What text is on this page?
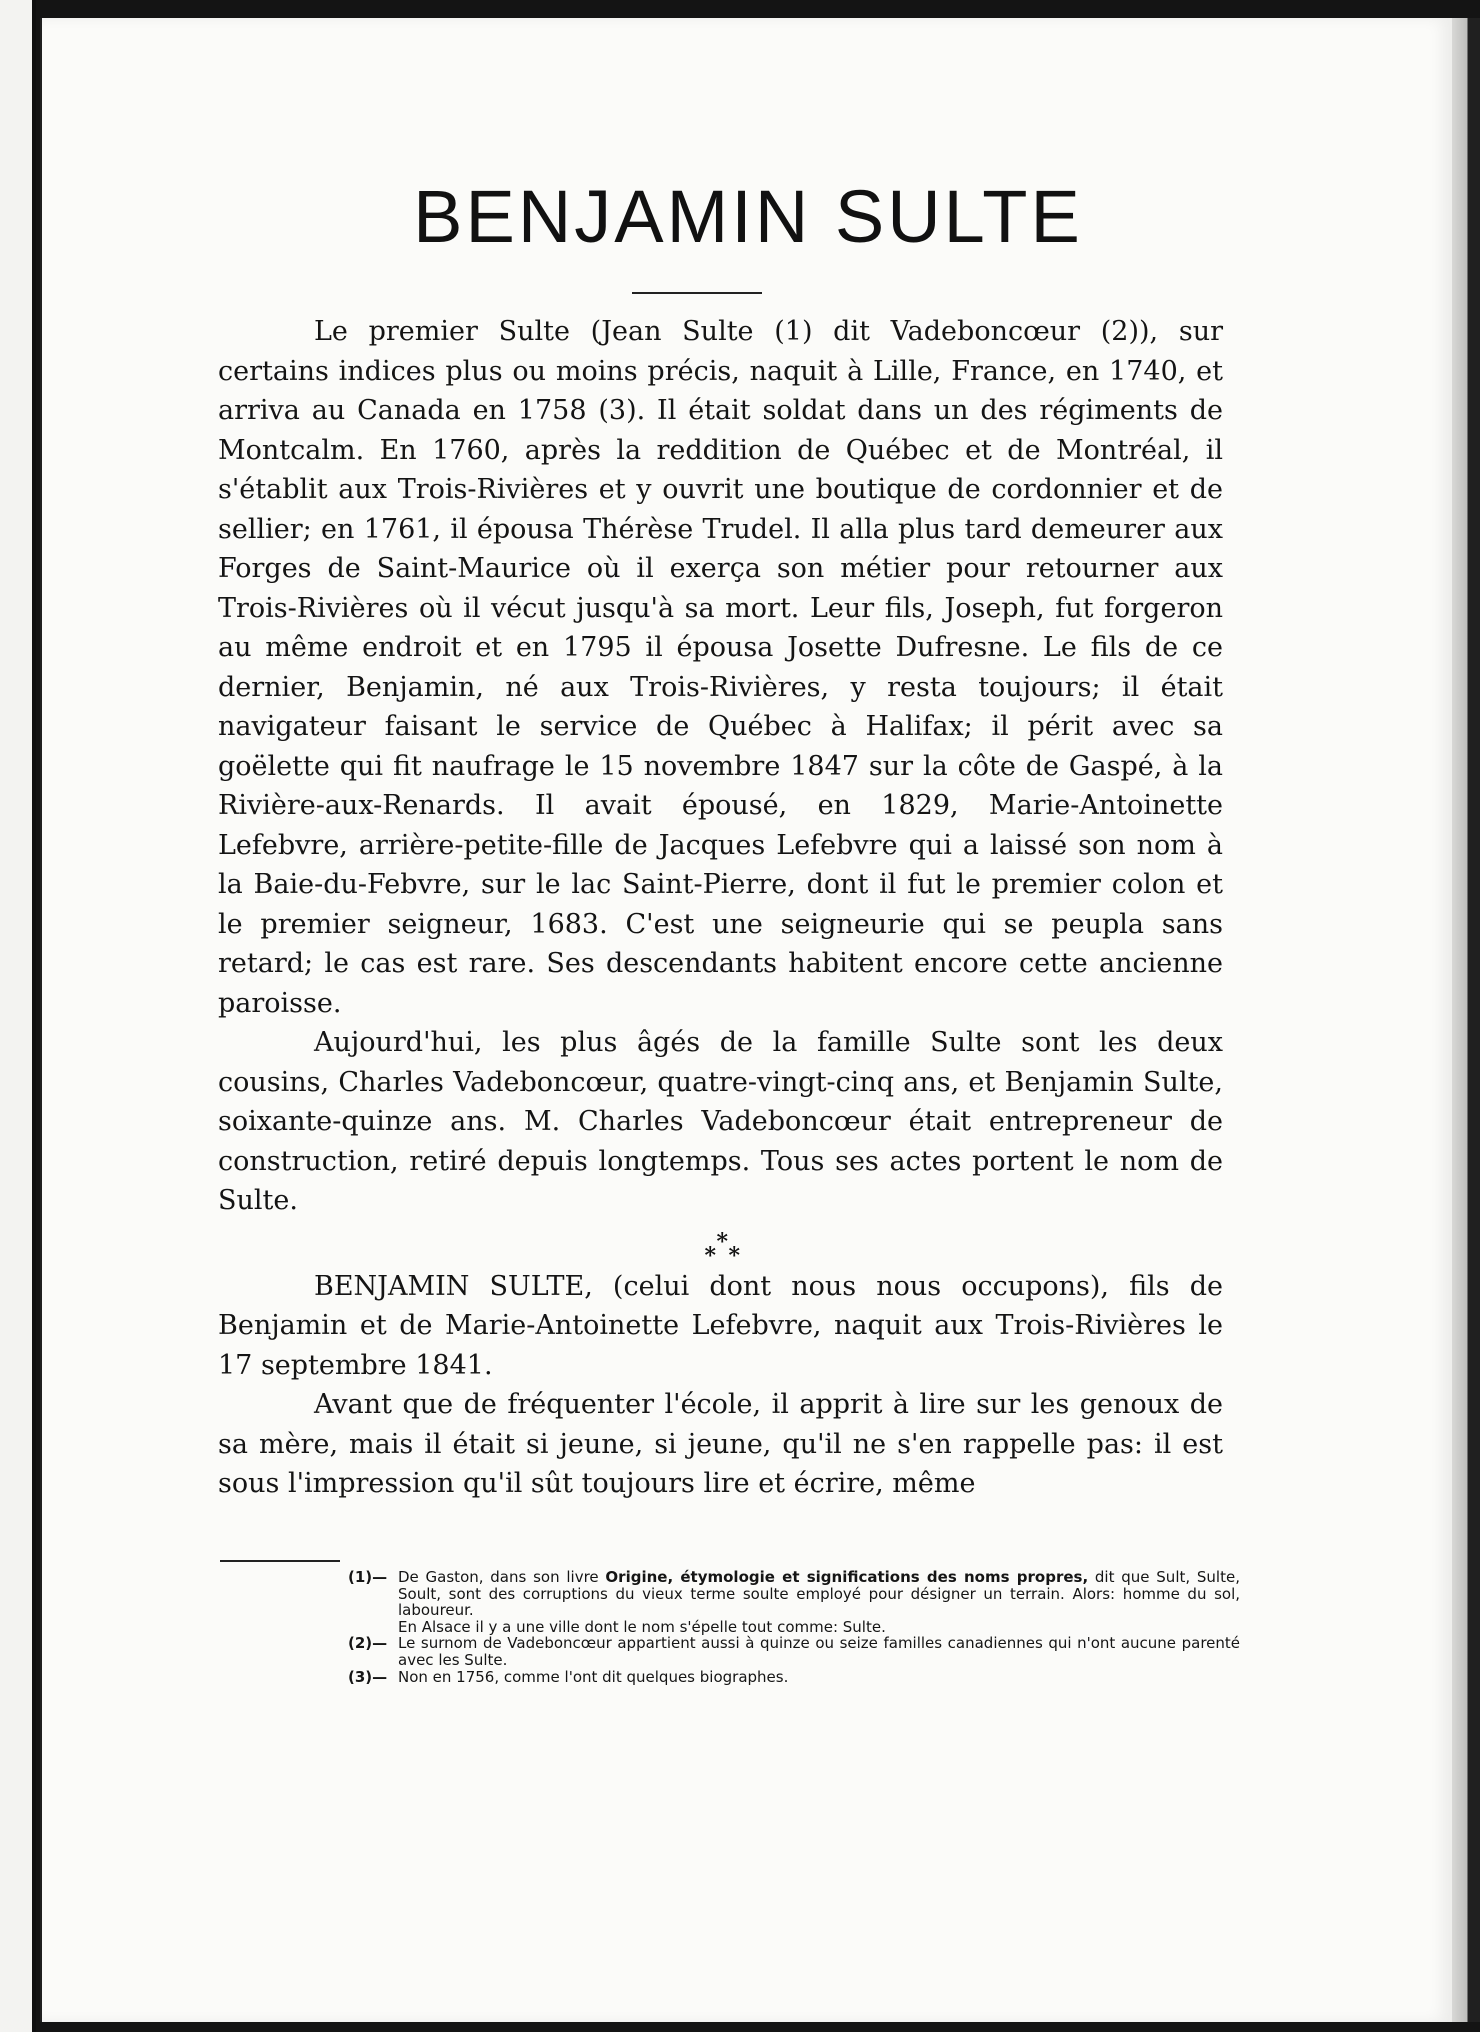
BENJAMIN SULTE

Le premier Sulte (Jean Sulte (1) dit Vadeboncœur (2)), sur certains indices plus ou moins précis, naquit à Lille, France, en 1740, et arriva au Canada en 1758 (3). Il était soldat dans un des régiments de Montcalm. En 1760, après la reddition de Québec et de Montréal, il s'établit aux Trois-Rivières et y ouvrit une boutique de cordonnier et de sellier; en 1761, il épousa Thérèse Trudel. Il alla plus tard demeurer aux Forges de Saint-Maurice où il exerça son métier pour retourner aux Trois-Rivières où il vécut jusqu'à sa mort. Leur fils, Joseph, fut forgeron au même endroit et en 1795 il épousa Josette Dufresne. Le fils de ce dernier, Benjamin, né aux Trois-Rivières, y resta toujours; il était navigateur faisant le service de Québec à Halifax; il périt avec sa goëlette qui fit naufrage le 15 novembre 1847 sur la côte de Gaspé, à la Rivière-aux-Renards. Il avait épousé, en 1829, Marie-Antoinette Lefebvre, arrière-petite-fille de Jacques Lefebvre qui a laissé son nom à la Baie-du-Febvre, sur le lac Saint-Pierre, dont il fut le premier colon et le premier seigneur, 1683. C'est une seigneurie qui se peupla sans retard; le cas est rare. Ses descendants habitent encore cette ancienne paroisse.

Aujourd'hui, les plus âgés de la famille Sulte sont les deux cousins, Charles Vadeboncœur, quatre-vingt-cinq ans, et Benjamin Sulte, soixante-quinze ans. M. Charles Vadeboncœur était entrepreneur de construction, retiré depuis longtemps. Tous ses actes portent le nom de Sulte.

*
*
*

BENJAMIN SULTE, (celui dont nous nous occupons), fils de Benjamin et de Marie-Antoinette Lefebvre, naquit aux Trois-Rivières le 17 septembre 1841.

Avant que de fréquenter l'école, il apprit à lire sur les genoux de sa mère, mais il était si jeune, si jeune, qu'il ne s'en rappelle pas: il est sous l'impression qu'il sût toujours lire et écrire, même

(1)— De Gaston, dans son livre Origine, étymologie et significations des noms propres, dit que Sult, Sulte, Soult, sont des corruptions du vieux terme soulte employé pour désigner un terrain. Alors: homme du sol, laboureur.
En Alsace il y a une ville dont le nom s'épelle tout comme: Sulte.

(2)— Le surnom de Vadeboncœur appartient aussi à quinze ou seize familles canadiennes qui n'ont aucune parenté avec les Sulte.

(3)— Non en 1756, comme l'ont dit quelques biographes.
